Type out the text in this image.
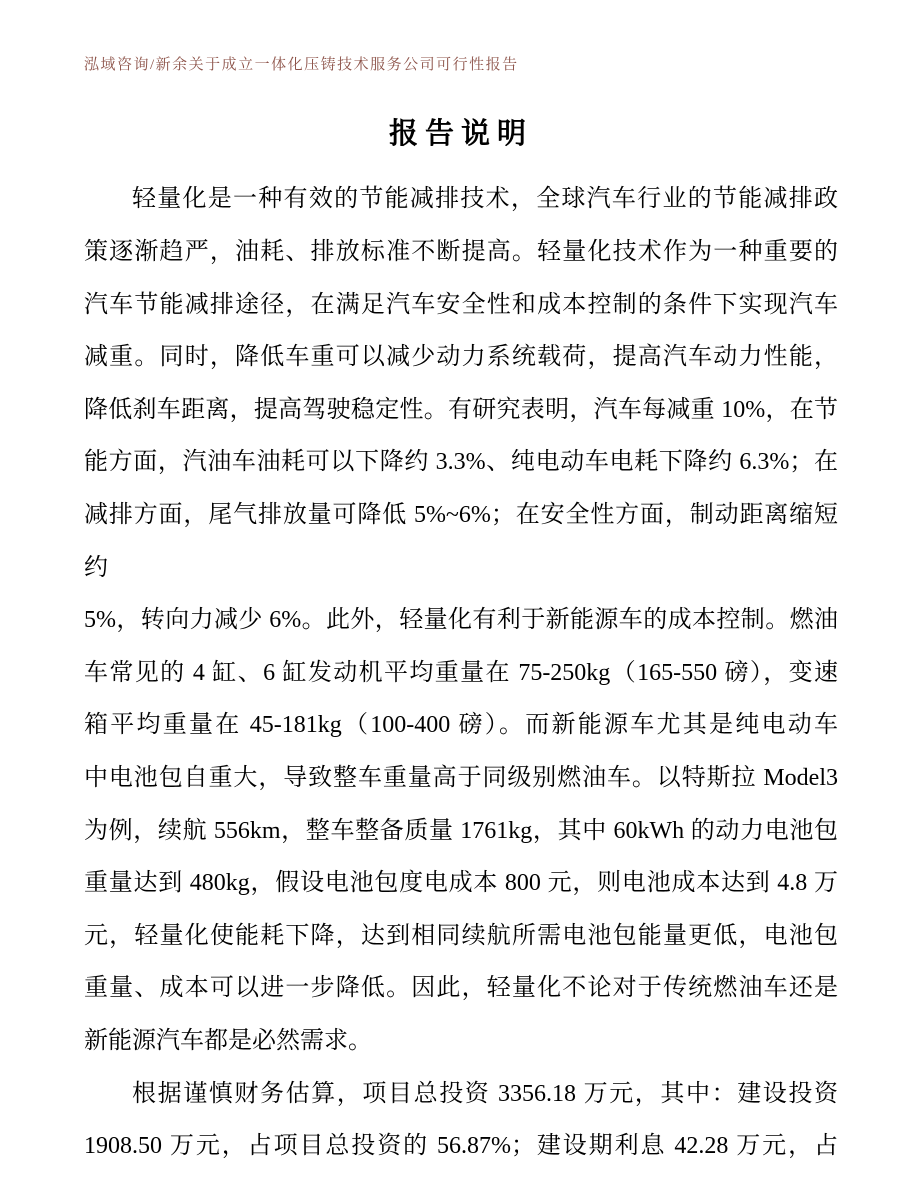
泓域咨询/新余关于成立一体化压铸技术服务公司可行性报告
报告说明
轻量化是一种有效的节能减排技术，全球汽车行业的节能减排政
策逐渐趋严，油耗、排放标准不断提高。轻量化技术作为一种重要的
汽车节能减排途径，在满足汽车安全性和成本控制的条件下实现汽车
减重。同时，降低车重可以减少动力系统载荷，提高汽车动力性能，
降低刹车距离，提高驾驶稳定性。有研究表明，汽车每减重 10%，在节
能方面，汽油车油耗可以下降约 3.3%、纯电动车电耗下降约 6.3%；在
减排方面，尾气排放量可降低 5%~6%；在安全性方面，制动距离缩短约
5%，转向力减少 6%。此外，轻量化有利于新能源车的成本控制。燃油
车常见的 4 缸、6 缸发动机平均重量在 75-250kg（165-550 磅），变速
箱平均重量在 45-181kg（100-400 磅）。而新能源车尤其是纯电动车
中电池包自重大，导致整车重量高于同级别燃油车。以特斯拉 Model3
为例，续航 556km，整车整备质量 1761kg，其中 60kWh 的动力电池包
重量达到 480kg，假设电池包度电成本 800 元，则电池成本达到 4.8 万
元，轻量化使能耗下降，达到相同续航所需电池包能量更低，电池包
重量、成本可以进一步降低。因此，轻量化不论对于传统燃油车还是
新能源汽车都是必然需求。
根据谨慎财务估算，项目总投资 3356.18 万元，其中：建设投资
1908.50 万元，占项目总投资的 56.87%；建设期利息 42.28 万元，占
